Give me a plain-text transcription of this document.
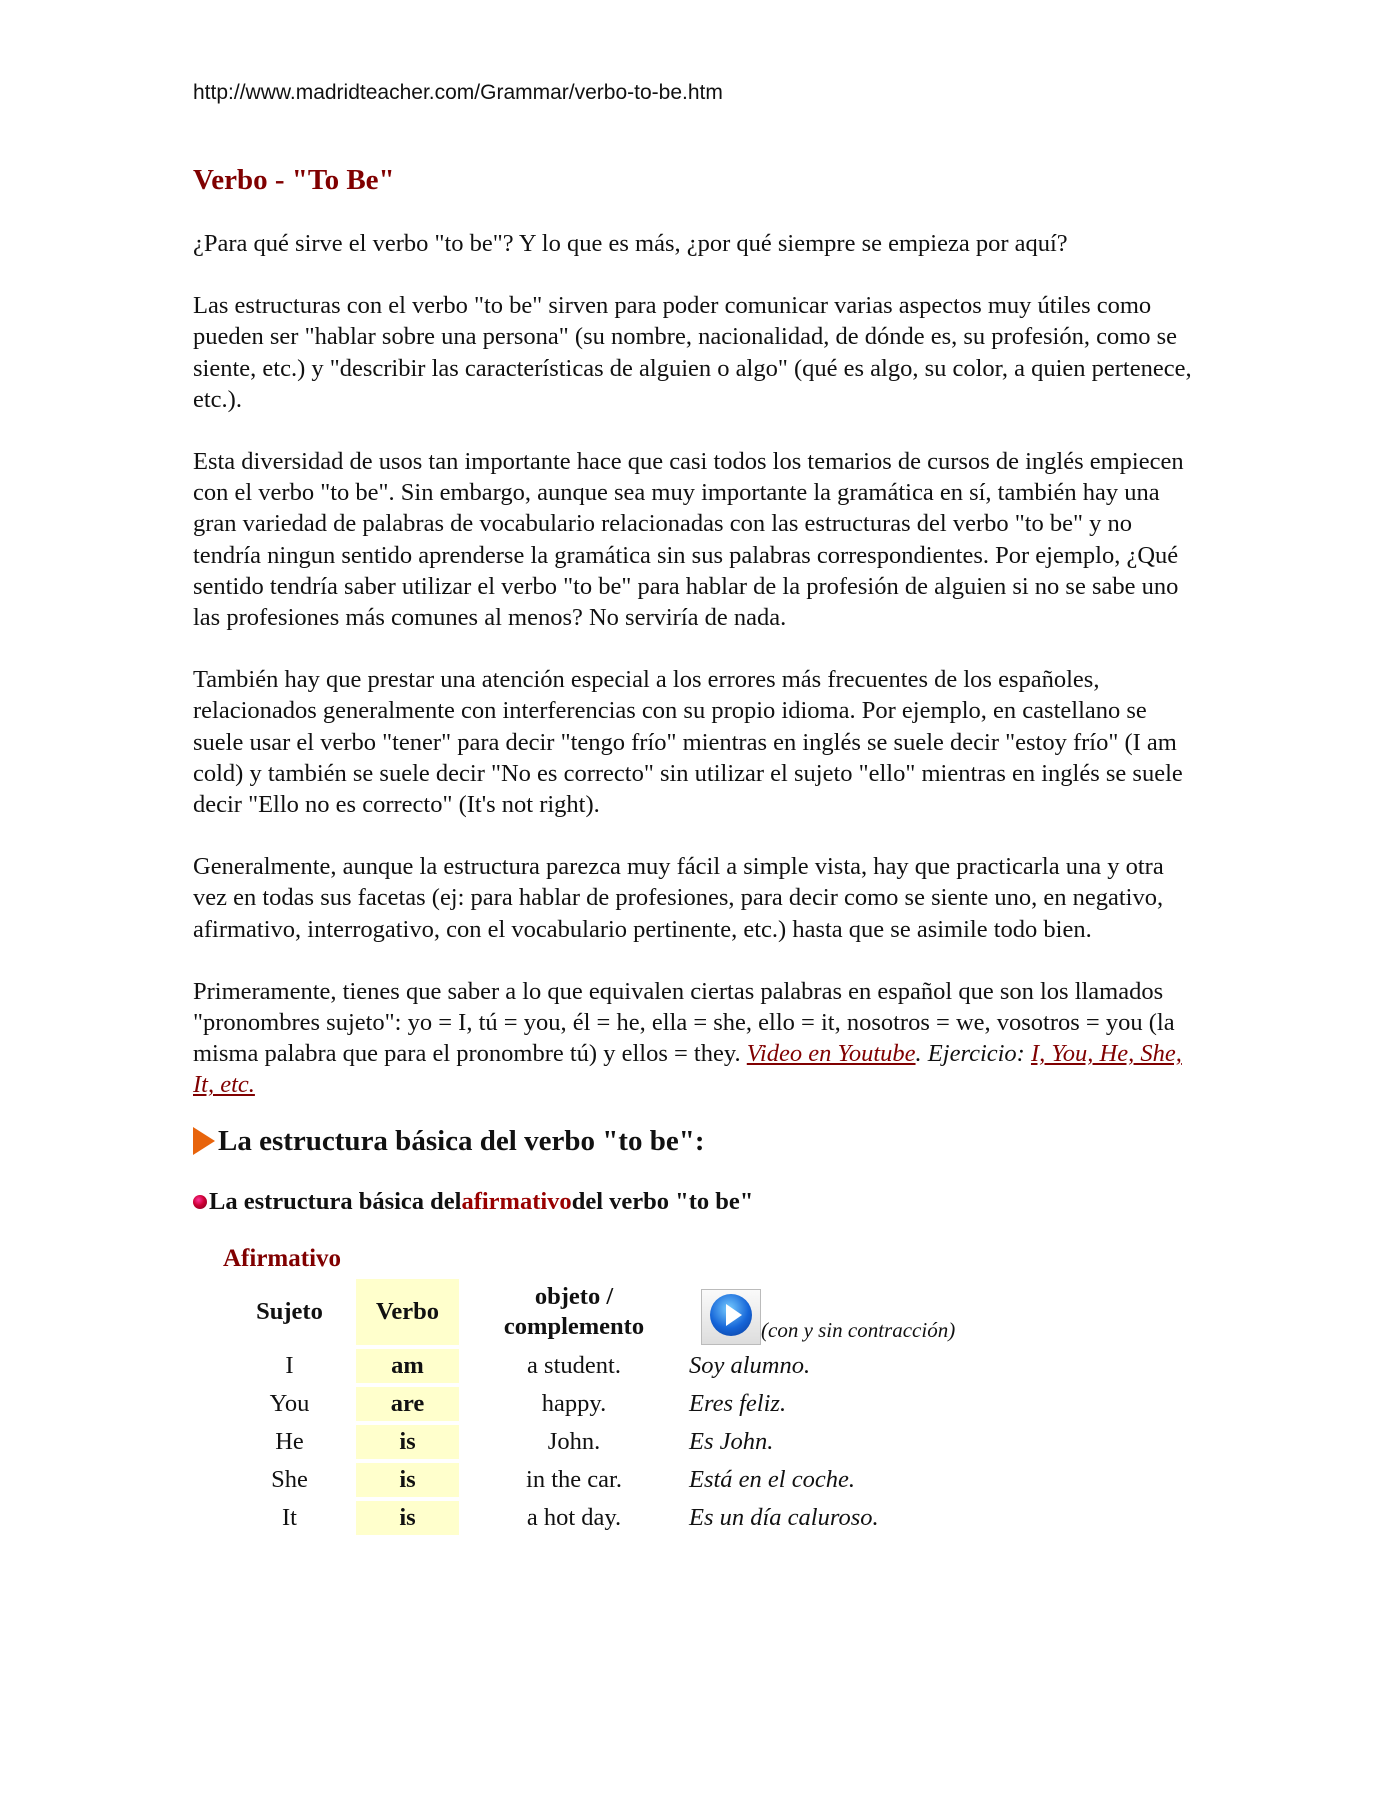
http://www.madridteacher.com/Grammar/verbo-to-be.htm
Verbo - "To Be"

¿Para qué sirve el verbo "to be"? Y lo que es más, ¿por qué siempre se empieza por aquí?

Las estructuras con el verbo "to be" sirven para poder comunicar varias aspectos muy útiles como pueden ser "hablar sobre una persona" (su nombre, nacionalidad, de dónde es, su profesión, como se siente, etc.) y "describir las características de alguien o algo" (qué es algo, su color, a quien pertenece, etc.).

Esta diversidad de usos tan importante hace que casi todos los temarios de cursos de inglés empiecen con el verbo "to be". Sin embargo, aunque sea muy importante la gramática en sí, también hay una gran variedad de palabras de vocabulario relacionadas con las estructuras del verbo "to be" y no tendría ningun sentido aprenderse la gramática sin sus palabras correspondientes. Por ejemplo, ¿Qué sentido tendría saber utilizar el verbo "to be" para hablar de la profesión de alguien si no se sabe uno las profesiones más comunes al menos? No serviría de nada.

También hay que prestar una atención especial a los errores más frecuentes de los españoles, relacionados generalmente con interferencias con su propio idioma. Por ejemplo, en castellano se suele usar el verbo "tener" para decir "tengo frío" mientras en inglés se suele decir "estoy frío" (I am cold) y también se suele decir "No es correcto" sin utilizar el sujeto "ello" mientras en inglés se suele decir "Ello no es correcto" (It's not right).

Generalmente, aunque la estructura parezca muy fácil a simple vista, hay que practicarla una y otra vez en todas sus facetas (ej: para hablar de profesiones, para decir como se siente uno, en negativo, afirmativo, interrogativo, con el vocabulario pertinente, etc.) hasta que se asimile todo bien.

Primeramente, tienes que saber a lo que equivalen ciertas palabras en español que son los llamados "pronombres sujeto": yo = I, tú = you, él = he, ella = she, ello = it, nosotros = we, vosotros = you (la misma palabra que para el pronombre tú) y ellos = they. Video en Youtube. Ejercicio: I, You, He, She, It, etc.

La estructura básica del verbo "to be":
La estructura básica del afirmativo del verbo "to be"
Afirmativo
Sujeto	Verbo	objeto /
complemento	(con y sin contracción)
I	am	a student.	Soy alumno.
You	are	happy.	Eres feliz.
He	is	John.	Es John.
She	is	in the car.	Está en el coche.
It	is	a hot day.	Es un día caluroso.
